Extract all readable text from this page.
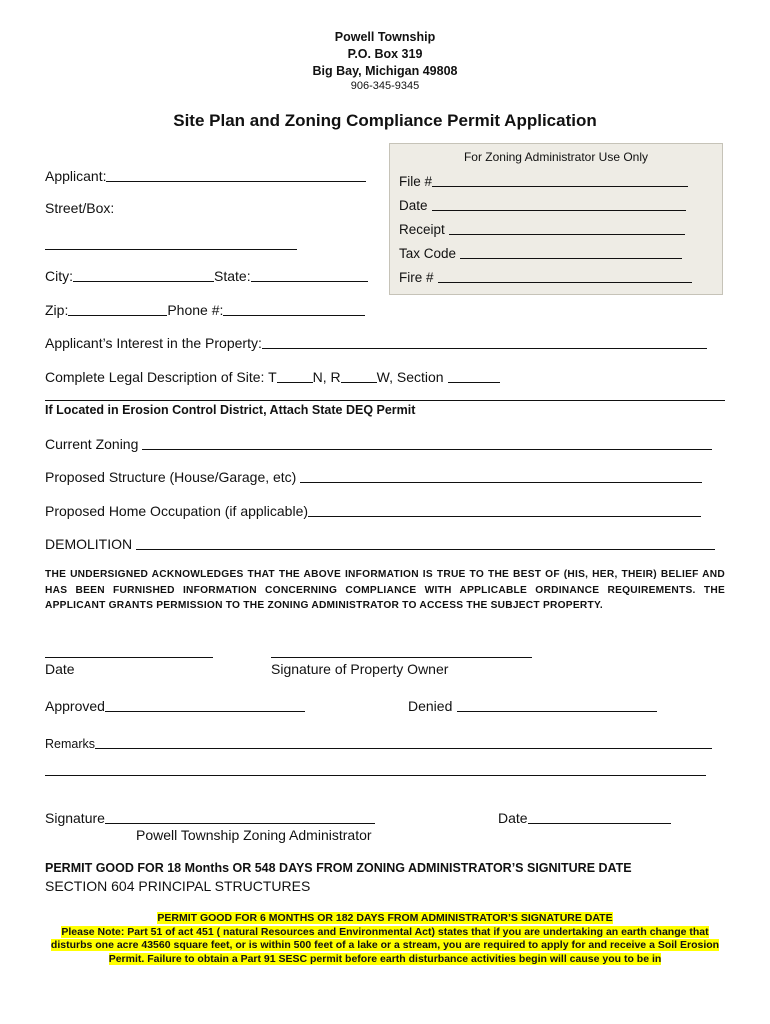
Powell Township
P.O. Box 319
Big Bay, Michigan 49808
906-345-9345
Site Plan and Zoning Compliance Permit Application
For Zoning Administrator Use Only
File #
Date
Receipt
Tax Code
Fire #
Applicant:
Street/Box:
City:	State:
Zip:	Phone #:
Applicant’s Interest in the Property:
Complete Legal Description of Site: T	N, R	W, Section
If Located in Erosion Control District, Attach State DEQ Permit
Current Zoning
Proposed Structure (House/Garage, etc)
Proposed Home Occupation (if applicable)
DEMOLITION
THE UNDERSIGNED ACKNOWLEDGES THAT THE ABOVE INFORMATION IS TRUE TO THE BEST OF (HIS, HER, THEIR) BELIEF AND HAS BEEN FURNISHED INFORMATION CONCERNING COMPLIANCE WITH APPLICABLE ORDINANCE REQUIREMENTS. THE APPLICANT GRANTS PERMISSION TO THE ZONING ADMINISTRATOR TO ACCESS THE SUBJECT PROPERTY.
Date	Signature of Property Owner
Approved	Denied
Remarks
Signature	Date
Powell Township Zoning Administrator
PERMIT GOOD FOR 18 Months OR 548 DAYS FROM ZONING ADMINISTRATOR’S SIGNITURE DATE
SECTION 604 PRINCIPAL STRUCTURES
PERMIT GOOD FOR 6 MONTHS OR 182 DAYS FROM ADMINISTRATOR’S SIGNATURE DATE
Please Note: Part 51 of act 451 ( natural Resources and Environmental Act) states that if you are undertaking an earth change that disturbs one acre 43560 square feet, or is within 500 feet of a lake or a stream, you are required to apply for and receive a Soil Erosion Permit. Failure to obtain a Part 91 SESC permit before earth disturbance activities begin will cause you to be in
